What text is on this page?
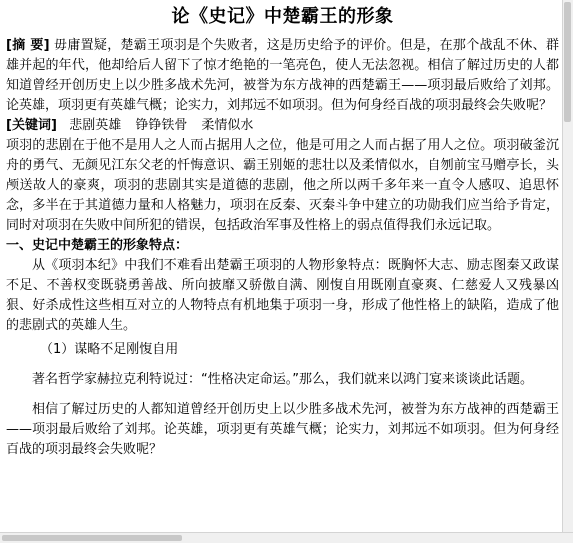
论《史记》中楚霸王的形象

[摘 要] 毋庸置疑，楚霸王项羽是个失败者，这是历史给予的评价。但是，在那个战乱不休、群雄并起的年代，他却给后人留下了惊才绝艳的一笔亮色，使人无法忽视。相信了解过历史的人都知道曾经开创历史上以少胜多战术先河，被誉为东方战神的西楚霸王——项羽最后败给了刘邦。论英雄，项羽更有英雄气概；论实力，刘邦远不如项羽。但为何身经百战的项羽最终会失败呢？

[关键词] 悲剧英雄 铮铮铁骨 柔情似水

项羽的悲剧在于他不是用人之人而占据用人之位，他是可用之人而占据了用人之位。项羽破釜沉舟的勇气、无颜见江东父老的忏悔意识、霸王别姬的悲壮以及柔情似水，自刎前宝马赠亭长，头颅送故人的豪爽，项羽的悲剧其实是道德的悲剧，他之所以两千多年来一直令人感叹、追思怀念，多半在于其道德力量和人格魅力，项羽在反秦、灭秦斗争中建立的功勋我们应当给予肯定，同时对项羽在失败中间所犯的错误，包括政治军事及性格上的弱点值得我们永远记取。

一、史记中楚霸王的形象特点：

从《项羽本纪》中我们不难看出楚霸王项羽的人物形象特点：既胸怀大志、励志图秦又政谋不足、不善权变既骁勇善战、所向披靡又骄傲自满、刚愎自用既刚直豪爽、仁慈爱人又残暴凶狠、好杀成性这些相互对立的人物特点有机地集于项羽一身，形成了他性格上的缺陷，造成了他的悲剧式的英雄人生。

（1）谋略不足刚愎自用

著名哲学家赫拉克利特说过：“性格决定命运。”那么，我们就来以鸿门宴来谈谈此话题。

相信了解过历史的人都知道曾经开创历史上以少胜多战术先河，被誉为东方战神的西楚霸王——项羽最后败给了刘邦。论英雄，项羽更有英雄气概；论实力，刘邦远不如项羽。但为何身经百战的项羽最终会失败呢？
